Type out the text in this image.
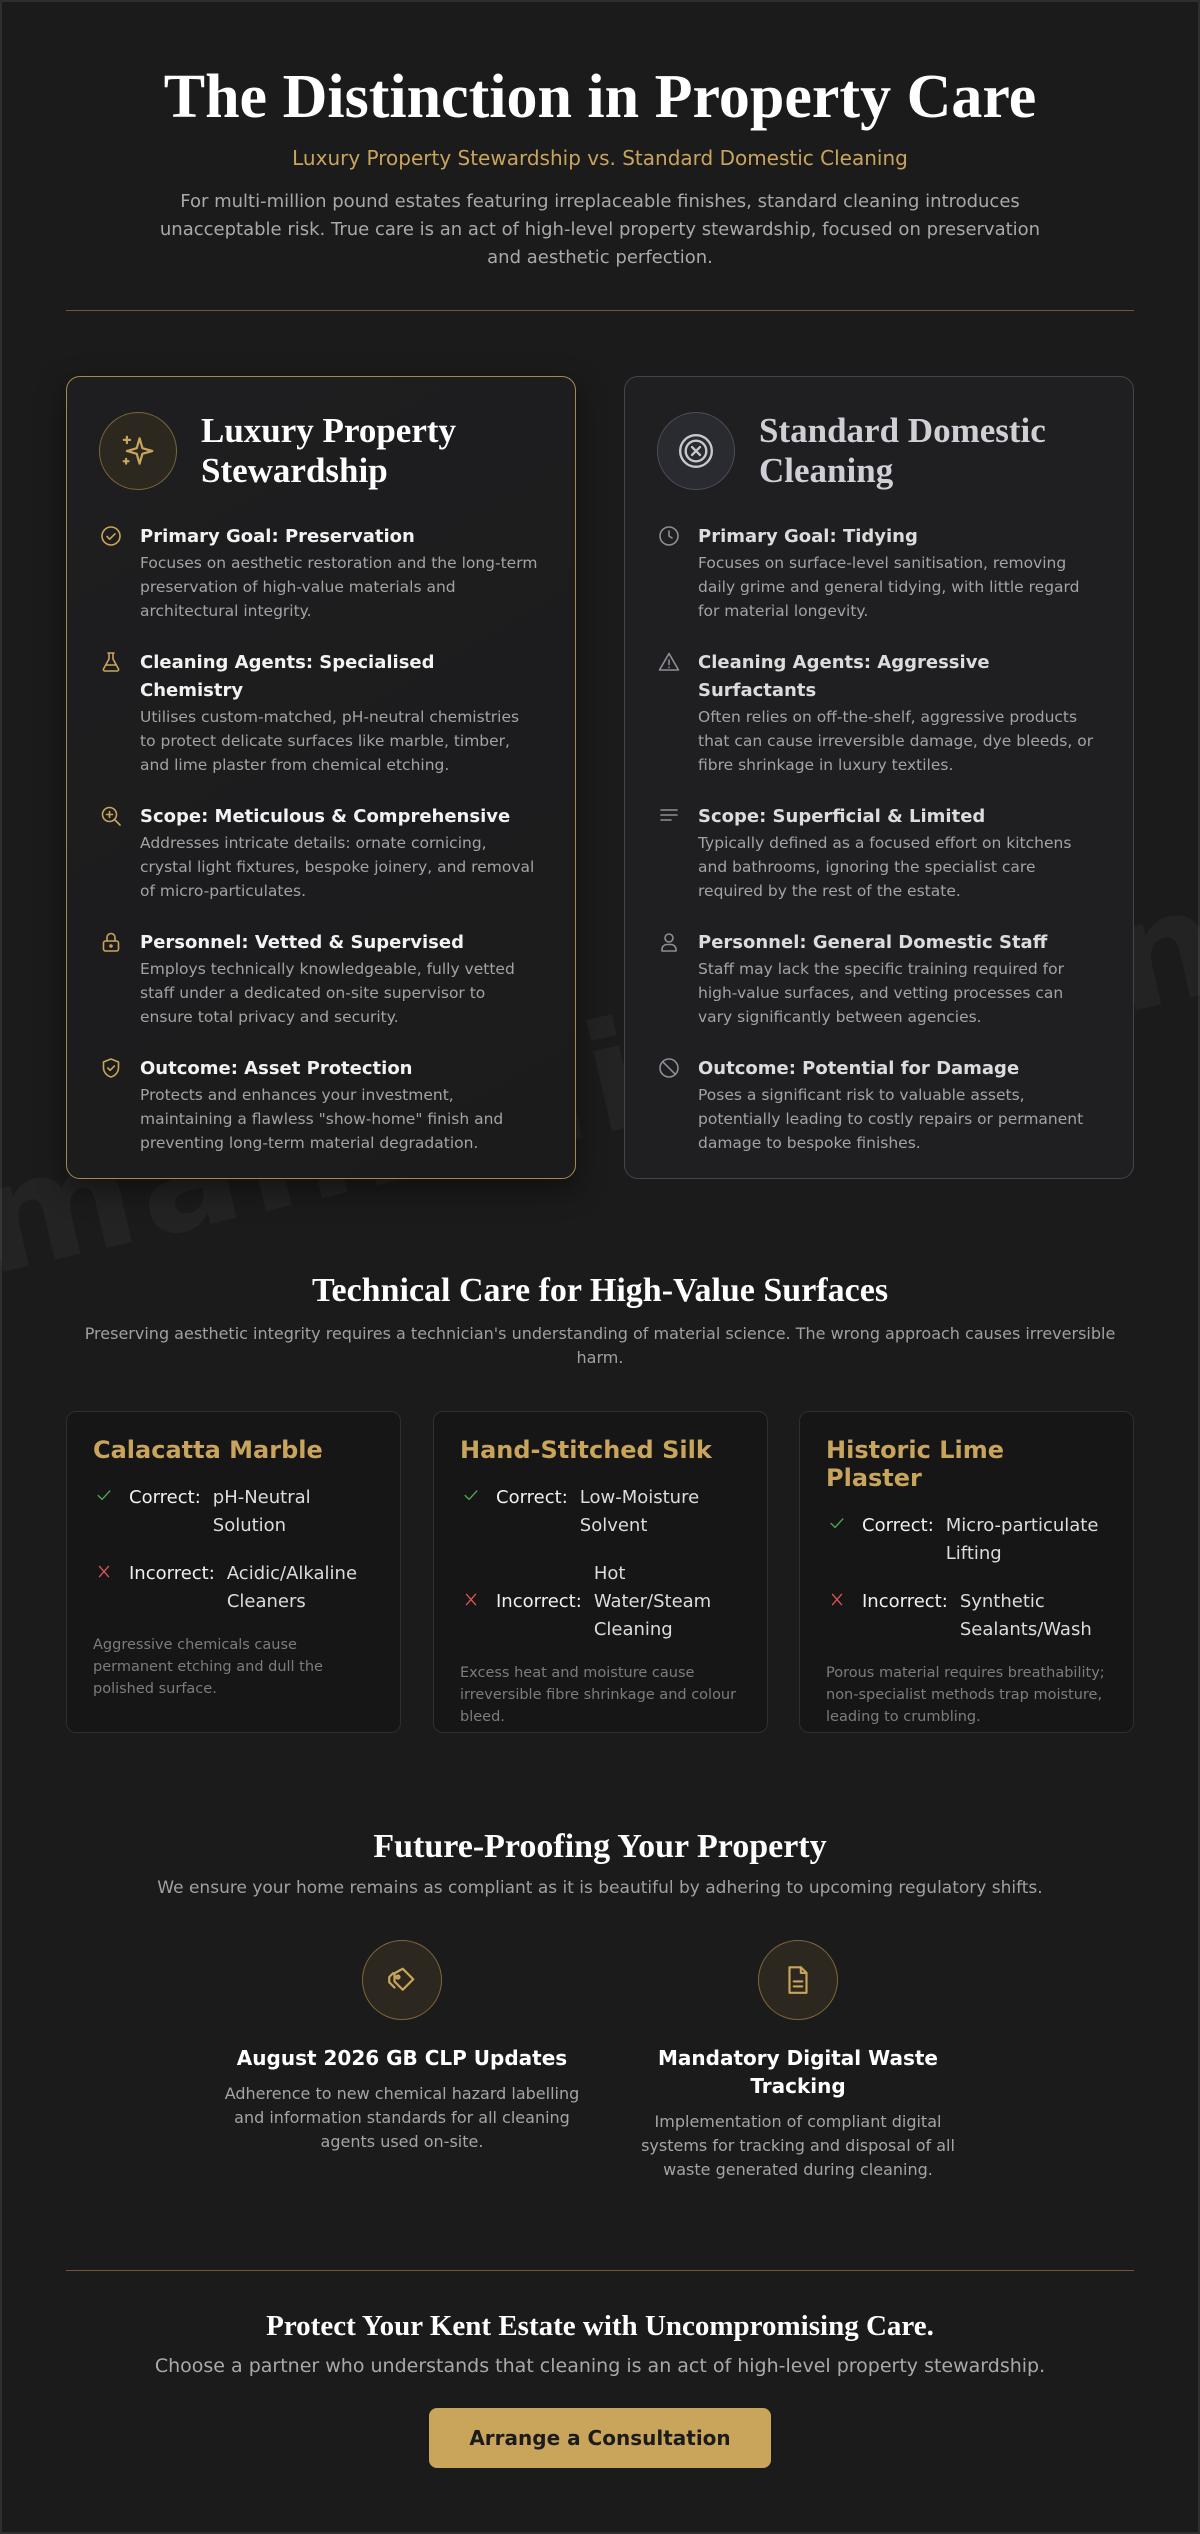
The Distinction in Property Care
Luxury Property Stewardship vs. Standard Domestic Cleaning
For multi-million pound estates featuring irreplaceable finishes, standard cleaning introduces unacceptable risk. True care is an act of high-level property stewardship, focused on preservation and aesthetic perfection.
Luxury Property Stewardship
Primary Goal: Preservation
Focuses on aesthetic restoration and the long-term preservation of high-value materials and architectural integrity.
Cleaning Agents: Specialised Chemistry
Utilises custom-matched, pH-neutral chemistries to protect delicate surfaces like marble, timber, and lime plaster from chemical etching.
Scope: Meticulous & Comprehensive
Addresses intricate details: ornate cornicing, crystal light fixtures, bespoke joinery, and removal of micro-particulates.
Personnel: Vetted & Supervised
Employs technically knowledgeable, fully vetted staff under a dedicated on-site supervisor to ensure total privacy and security.
Outcome: Asset Protection
Protects and enhances your investment, maintaining a flawless "show-home" finish and preventing long-term material degradation.
Standard Domestic Cleaning
Primary Goal: Tidying
Focuses on surface-level sanitisation, removing daily grime and general tidying, with little regard for material longevity.
Cleaning Agents: Aggressive Surfactants
Often relies on off-the-shelf, aggressive products that can cause irreversible damage, dye bleeds, or fibre shrinkage in luxury textiles.
Scope: Superficial & Limited
Typically defined as a focused effort on kitchens and bathrooms, ignoring the specialist care required by the rest of the estate.
Personnel: General Domestic Staff
Staff may lack the specific training required for high-value surfaces, and vetting processes can vary significantly between agencies.
Outcome: Potential for Damage
Poses a significant risk to valuable assets, potentially leading to costly repairs or permanent damage to bespoke finishes.
Technical Care for High-Value Surfaces
Preserving aesthetic integrity requires a technician's understanding of material science. The wrong approach causes irreversible harm.
Calacatta Marble
Correct: pH-Neutral Solution
Incorrect: Acidic/Alkaline Cleaners
Aggressive chemicals cause permanent etching and dull the polished surface.
Hand-Stitched Silk
Correct: Low-Moisture Solvent
Incorrect:
Hot Water/Steam Cleaning
Excess heat and moisture cause irreversible fibre shrinkage and colour bleed.
Historic Lime Plaster
Correct: Micro-particulate Lifting
Incorrect: Synthetic Sealants/Wash
Porous material requires breathability; non-specialist methods trap moisture, leading to crumbling.
Future-Proofing Your Property
We ensure your home remains as compliant as it is beautiful by adhering to upcoming regulatory shifts.
August 2026 GB CLP Updates
Adherence to new chemical hazard labelling and information standards for all cleaning agents used on-site.
Mandatory Digital Waste Tracking
Implementation of compliant digital systems for tracking and disposal of all waste generated during cleaning.
Protect Your Kent Estate with Uncompromising Care.
Choose a partner who understands that cleaning is an act of high-level property stewardship.
Arrange a Consultation
